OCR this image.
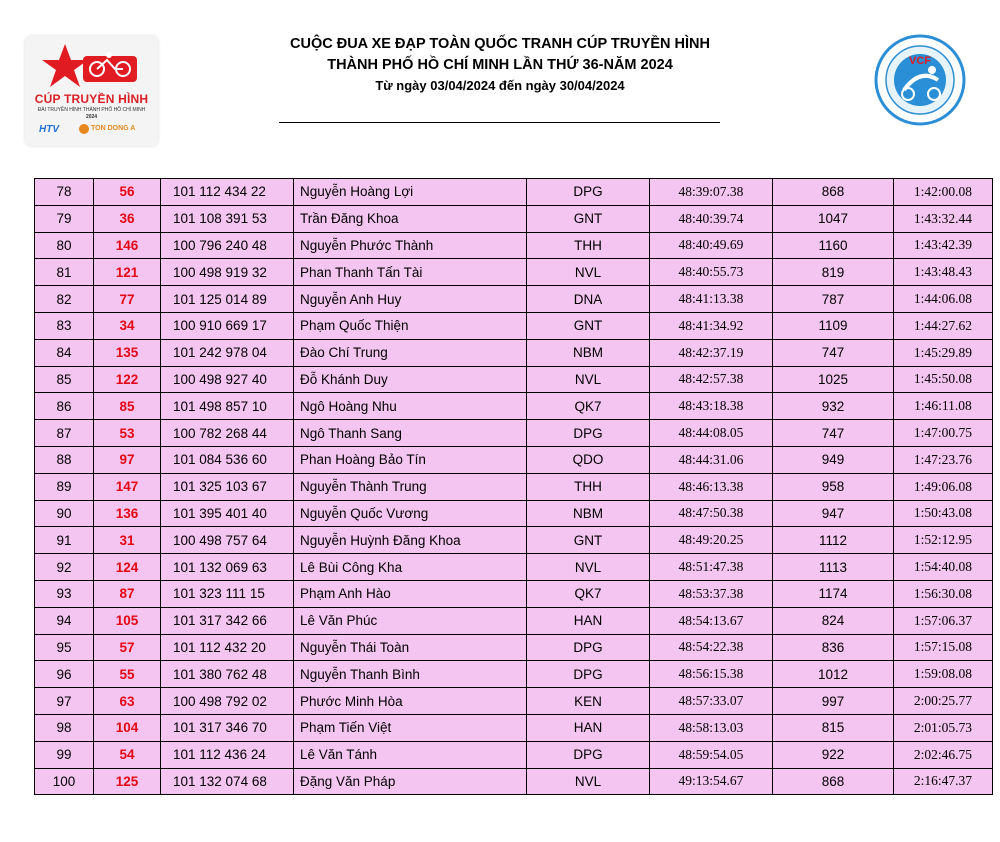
CÚP TRUYỀN HÌNH
ĐÀI TRUYỀN HÌNH THÀNH PHỐ HỒ CHÍ MINH
2024
HTV	TON DONG A
VCF
CUỘC ĐUA XE ĐẠP TOÀN QUỐC TRANH CÚP TRUYỀN HÌNH
THÀNH PHỐ HỒ CHÍ MINH LẦN THỨ 36-NĂM 2024
Từ ngày 03/04/2024 đến ngày 30/04/2024
78	56	101 112 434 22	Nguyễn Hoàng Lợi	DPG	48:39:07.38	868	1:42:00.08
79	36	101 108 391 53	Trần Đăng Khoa	GNT	48:40:39.74	1047	1:43:32.44
80	146	100 796 240 48	Nguyễn Phước Thành	THH	48:40:49.69	1160	1:43:42.39
81	121	100 498 919 32	Phan Thanh Tấn Tài	NVL	48:40:55.73	819	1:43:48.43
82	77	101 125 014 89	Nguyễn Anh Huy	DNA	48:41:13.38	787	1:44:06.08
83	34	100 910 669 17	Phạm Quốc Thiện	GNT	48:41:34.92	1109	1:44:27.62
84	135	101 242 978 04	Đào Chí Trung	NBM	48:42:37.19	747	1:45:29.89
85	122	100 498 927 40	Đỗ Khánh Duy	NVL	48:42:57.38	1025	1:45:50.08
86	85	101 498 857 10	Ngô Hoàng Nhu	QK7	48:43:18.38	932	1:46:11.08
87	53	100 782 268 44	Ngô Thanh Sang	DPG	48:44:08.05	747	1:47:00.75
88	97	101 084 536 60	Phan Hoàng Bảo Tín	QDO	48:44:31.06	949	1:47:23.76
89	147	101 325 103 67	Nguyễn Thành Trung	THH	48:46:13.38	958	1:49:06.08
90	136	101 395 401 40	Nguyễn Quốc Vương	NBM	48:47:50.38	947	1:50:43.08
91	31	100 498 757 64	Nguyễn Huỳnh Đăng Khoa	GNT	48:49:20.25	1112	1:52:12.95
92	124	101 132 069 63	Lê Bùi Công Kha	NVL	48:51:47.38	1113	1:54:40.08
93	87	101 323 111 15	Phạm Anh Hào	QK7	48:53:37.38	1174	1:56:30.08
94	105	101 317 342 66	Lê Văn Phúc	HAN	48:54:13.67	824	1:57:06.37
95	57	101 112 432 20	Nguyễn Thái Toàn	DPG	48:54:22.38	836	1:57:15.08
96	55	101 380 762 48	Nguyễn Thanh Bình	DPG	48:56:15.38	1012	1:59:08.08
97	63	100 498 792 02	Phước Minh Hòa	KEN	48:57:33.07	997	2:00:25.77
98	104	101 317 346 70	Phạm Tiến Việt	HAN	48:58:13.03	815	2:01:05.73
99	54	101 112 436 24	Lê Văn Tánh	DPG	48:59:54.05	922	2:02:46.75
100	125	101 132 074 68	Đặng Văn Pháp	NVL	49:13:54.67	868	2:16:47.37
